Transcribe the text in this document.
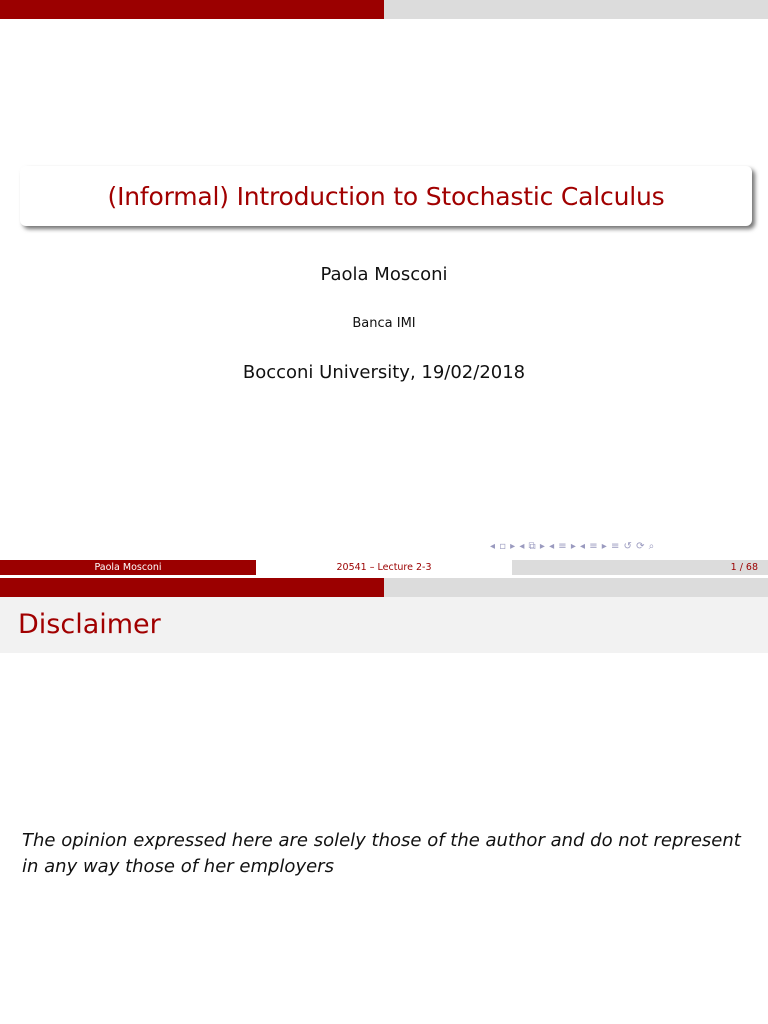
(Informal) Introduction to Stochastic Calculus
Paola Mosconi
Banca IMI
Bocconi University, 19/02/2018
◂ ▫ ▸ ◂ ⧉ ▸ ◂ ≡ ▸ ◂ ≡ ▸ ≡ ↺ ⟳ ⌕
Paola Mosconi	20541 – Lecture 2-3	1 / 68
Disclaimer
The opinion expressed here are solely those of the author and do not represent in any way those of her employers
